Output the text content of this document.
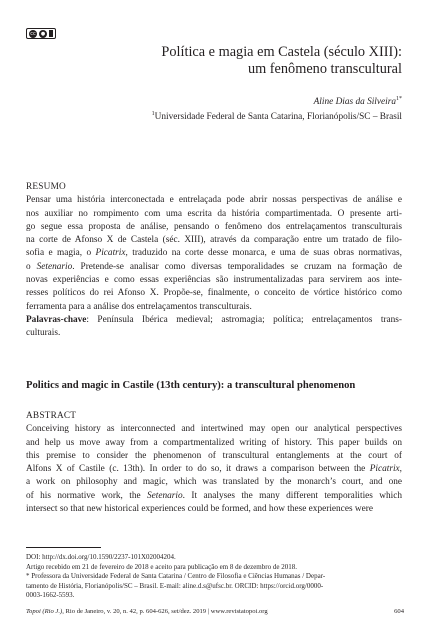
cc	●
Política e magia em Castela (século XIII):
um fenômeno transcultural
Aline Dias da Silveira$^{1*}$
$^1$Universidade Federal de Santa Catarina, Florianópolis/SC – Brasil
RESUMO
Pensar uma história interconectada e entrelaçada pode abrir nossas perspectivas de análise e
nos auxiliar no rompimento com uma escrita da história compartimentada. O presente arti-
go segue essa proposta de análise, pensando o fenômeno dos entrelaçamentos transculturais
na corte de Afonso X de Castela (séc. XIII), através da comparação entre um tratado de filo-
sofia e magia, o Picatrix, traduzido na corte desse monarca, e uma de suas obras normativas,
o Setenario. Pretende-se analisar como diversas temporalidades se cruzam na formação de
novas experiências e como essas experiências são instrumentalizadas para servirem aos inte-
resses políticos do rei Afonso X. Propõe-se, finalmente, o conceito de vórtice histórico como
ferramenta para a análise dos entrelaçamentos transculturais.
Palavras-chave: Península Ibérica medieval; astromagia; política; entrelaçamentos trans-
culturais.
Politics and magic in Castile (13th century): a transcultural phenomenon
ABSTRACT
Conceiving history as interconnected and intertwined may open our analytical perspectives
and help us move away from a compartmentalized writing of history. This paper builds on
this premise to consider the phenomenon of transcultural entanglements at the court of
Alfons X of Castile (c. 13th). In order to do so, it draws a comparison between the Picatrix,
a work on philosophy and magic, which was translated by the monarch’s court, and one
of his normative work, the Setenario. It analyses the many different temporalities which
intersect so that new historical experiences could be formed, and how these experiences were
DOI: http://dx.doi.org/10.1590/2237-101X02004204.
Artigo recebido em 21 de fevereiro de 2018 e aceito para publicação em 8 de dezembro de 2018.
* Professora da Universidade Federal de Santa Catarina / Centro de Filosofia e Ciências Humanas / Depar-
tamento de História, Florianópolis/SC – Brasil. E-mail: aline.d.s@ufsc.br. ORCID: https://orcid.org/0000-
0003-1662-5593.
Topoi (Rio J.), Rio de Janeiro, v. 20, n. 42, p. 604-626, set/dez. 2019 | www.revistatopoi.org	604
